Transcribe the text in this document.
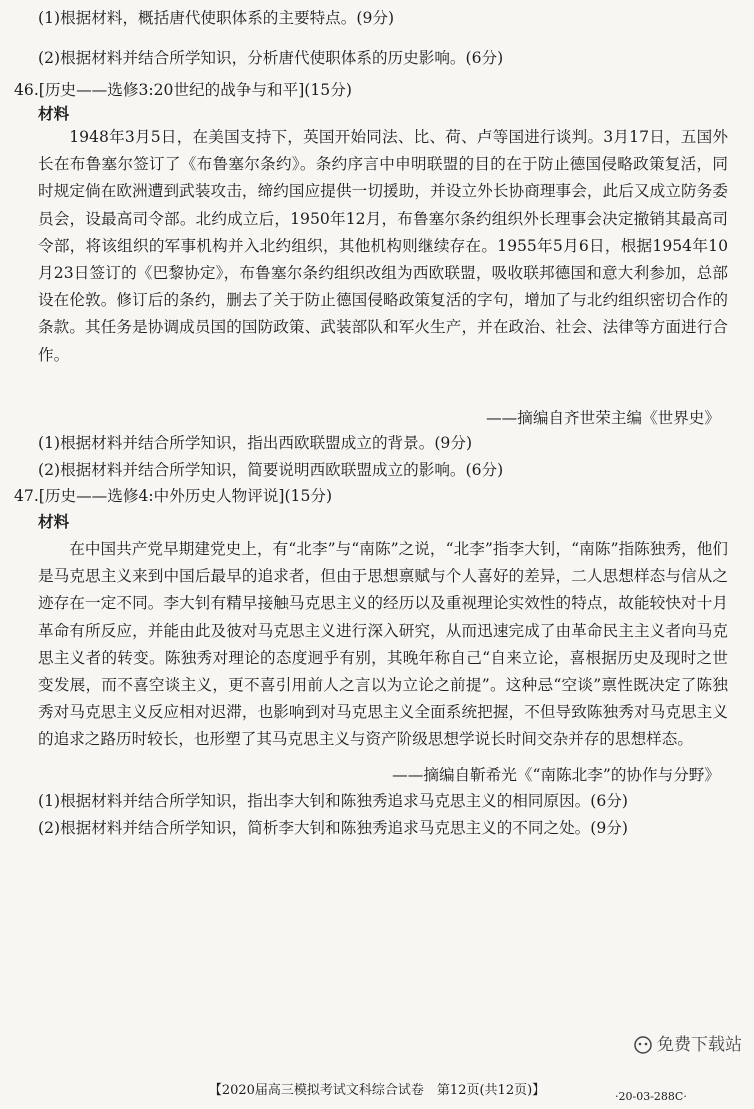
(1)根据材料，概括唐代使职体系的主要特点。(9分)
(2)根据材料并结合所学知识，分析唐代使职体系的历史影响。(6分)
46.[历史——选修3:20世纪的战争与和平](15分)
材料
1948年3月5日，在美国支持下，英国开始同法、比、荷、卢等国进行谈判。3月17日，五国外长在布鲁塞尔签订了《布鲁塞尔条约》。条约序言中申明联盟的目的在于防止德国侵略政策复活，同时规定倘在欧洲遭到武装攻击，缔约国应提供一切援助，并设立外长协商理事会，此后又成立防务委员会，设最高司令部。北约成立后，1950年12月，布鲁塞尔条约组织外长理事会决定撤销其最高司令部，将该组织的军事机构并入北约组织，其他机构则继续存在。1955年5月6日，根据1954年10月23日签订的《巴黎协定》，布鲁塞尔条约组织改组为西欧联盟，吸收联邦德国和意大利参加，总部设在伦敦。修订后的条约，删去了关于防止德国侵略政策复活的字句，增加了与北约组织密切合作的条款。其任务是协调成员国的国防政策、武装部队和军火生产，并在政治、社会、法律等方面进行合作。
——摘编自齐世荣主编《世界史》
(1)根据材料并结合所学知识，指出西欧联盟成立的背景。(9分)
(2)根据材料并结合所学知识，简要说明西欧联盟成立的影响。(6分)
47.[历史——选修4:中外历史人物评说](15分)
材料
在中国共产党早期建党史上，有“北李”与“南陈”之说，“北李”指李大钊，“南陈”指陈独秀，他们是马克思主义来到中国后最早的追求者，但由于思想禀赋与个人喜好的差异，二人思想样态与信从之迹存在一定不同。李大钊有精早接触马克思主义的经历以及重视理论实效性的特点，故能较快对十月革命有所反应，并能由此及彼对马克思主义进行深入研究，从而迅速完成了由革命民主主义者向马克思主义者的转变。陈独秀对理论的态度迥乎有别，其晚年称自己“自来立论，喜根据历史及现时之世变发展，而不喜空谈主义，更不喜引用前人之言以为立论之前提”。这种忌“空谈”禀性既决定了陈独秀对马克思主义反应相对迟滞，也影响到对马克思主义全面系统把握，不但导致陈独秀对马克思主义的追求之路历时较长，也形塑了其马克思主义与资产阶级思想学说长时间交杂并存的思想样态。
——摘编自靳希光《“南陈北李”的协作与分野》
(1)根据材料并结合所学知识，指出李大钊和陈独秀追求马克思主义的相同原因。(6分)
(2)根据材料并结合所学知识，简析李大钊和陈独秀追求马克思主义的不同之处。(9分)
免费下载站
【2020届高三模拟考试文科综合试卷　第12页(共12页)】	·20-03-288C·
